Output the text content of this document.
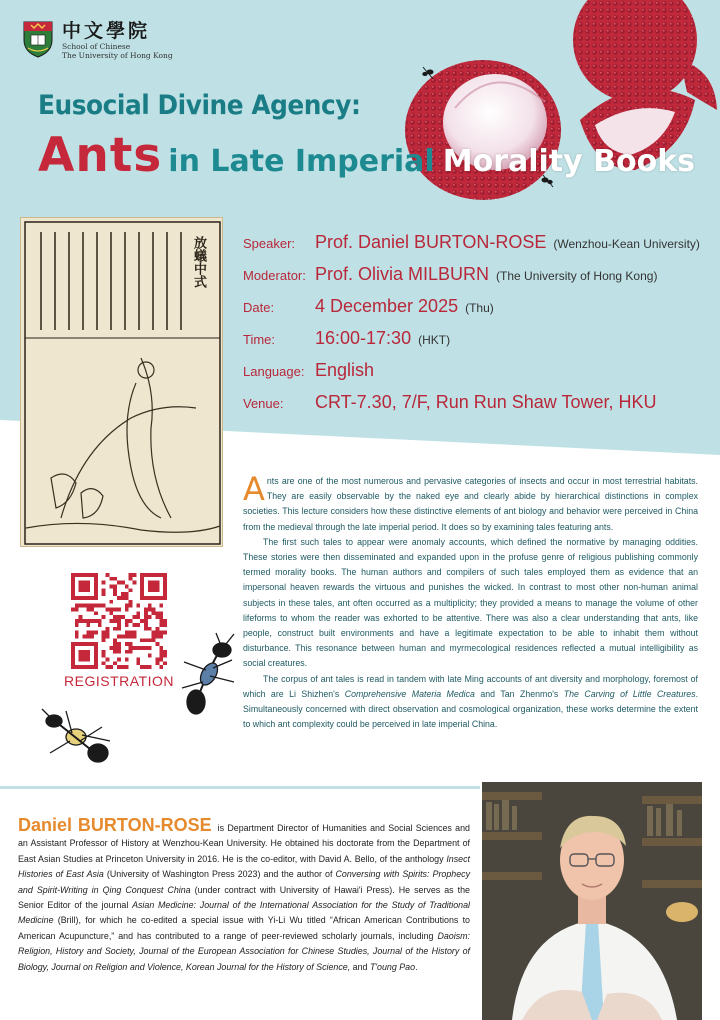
中文學院
School of Chinese
The University of Hong Kong
Eusocial Divine Agency:
Ants in Late Imperial Morality Books
放蟻中式	Speaker:	Prof. Daniel BURTON-ROSE (Wenzhou-Kean University)
Moderator: Prof. Olivia MILBURN (The University of Hong Kong)
Date:	4 December 2025 (Thu)
Time:	16:00-17:30 (HKT)
Language: English
Venue:	CRT-7.30, 7/F, Run Run Shaw Tower, HKU

Ants are one of the most numerous and pervasive categories of insects and occur in most terrestrial habitats. They are easily observable by the naked eye and clearly abide by hierarchical distinctions in complex societies. This lecture considers how these distinctive elements of ant biology and behavior were perceived in China from the medieval through the late imperial period. It does so by examining tales featuring ants.

The first such tales to appear were anomaly accounts, which defined the normative by managing oddities. These stories were then disseminated and expanded upon in the profuse genre of religious publishing commonly termed morality books. The human authors and compilers of such tales employed them as evidence that an impersonal heaven rewards the virtuous and punishes the wicked. In contrast to most other non-human animal subjects in these tales, ant often occurred as a multiplicity; they provided a means to manage the volume of other lifeforms to whom the reader was exhorted to be attentive. There was also a clear understanding that ants, like people, construct built environments and have a legitimate expectation to be able to inhabit them without disturbance. This resonance between human and myrmecological residences reflected a mutual intelligibility as social creatures.

The corpus of ant tales is read in tandem with late Ming accounts of ant diversity and morphology, foremost of which are Li Shizhen's Comprehensive Materia Medica and Tan Zhenmo's The Carving of Little Creatures. Simultaneously concerned with direct observation and cosmological organization, these works determine the extent to which ant complexity could be perceived in late imperial China.

REGISTRATION
Daniel BURTON-ROSE is Department Director of Humanities and Social Sciences and an Assistant Professor of History at Wenzhou-Kean University. He obtained his doctorate from the Department of East Asian Studies at Princeton University in 2016. He is the co-editor, with David A. Bello, of the anthology Insect Histories of East Asia (University of Washington Press 2023) and the author of Conversing with Spirits: Prophecy and Spirit-Writing in Qing Conquest China (under contract with University of Hawai'i Press). He serves as the Senior Editor of the journal Asian Medicine: Journal of the International Association for the Study of Traditional Medicine (Brill), for which he co-edited a special issue with Yi-Li Wu titled “African American Contributions to American Acupuncture,” and has contributed to a range of peer-reviewed scholarly journals, including Daoism: Religion, History and Society, Journal of the European Association for Chinese Studies, Journal of the History of Biology, Journal on Religion and Violence, Korean Journal for the History of Science, and T'oung Pao.
